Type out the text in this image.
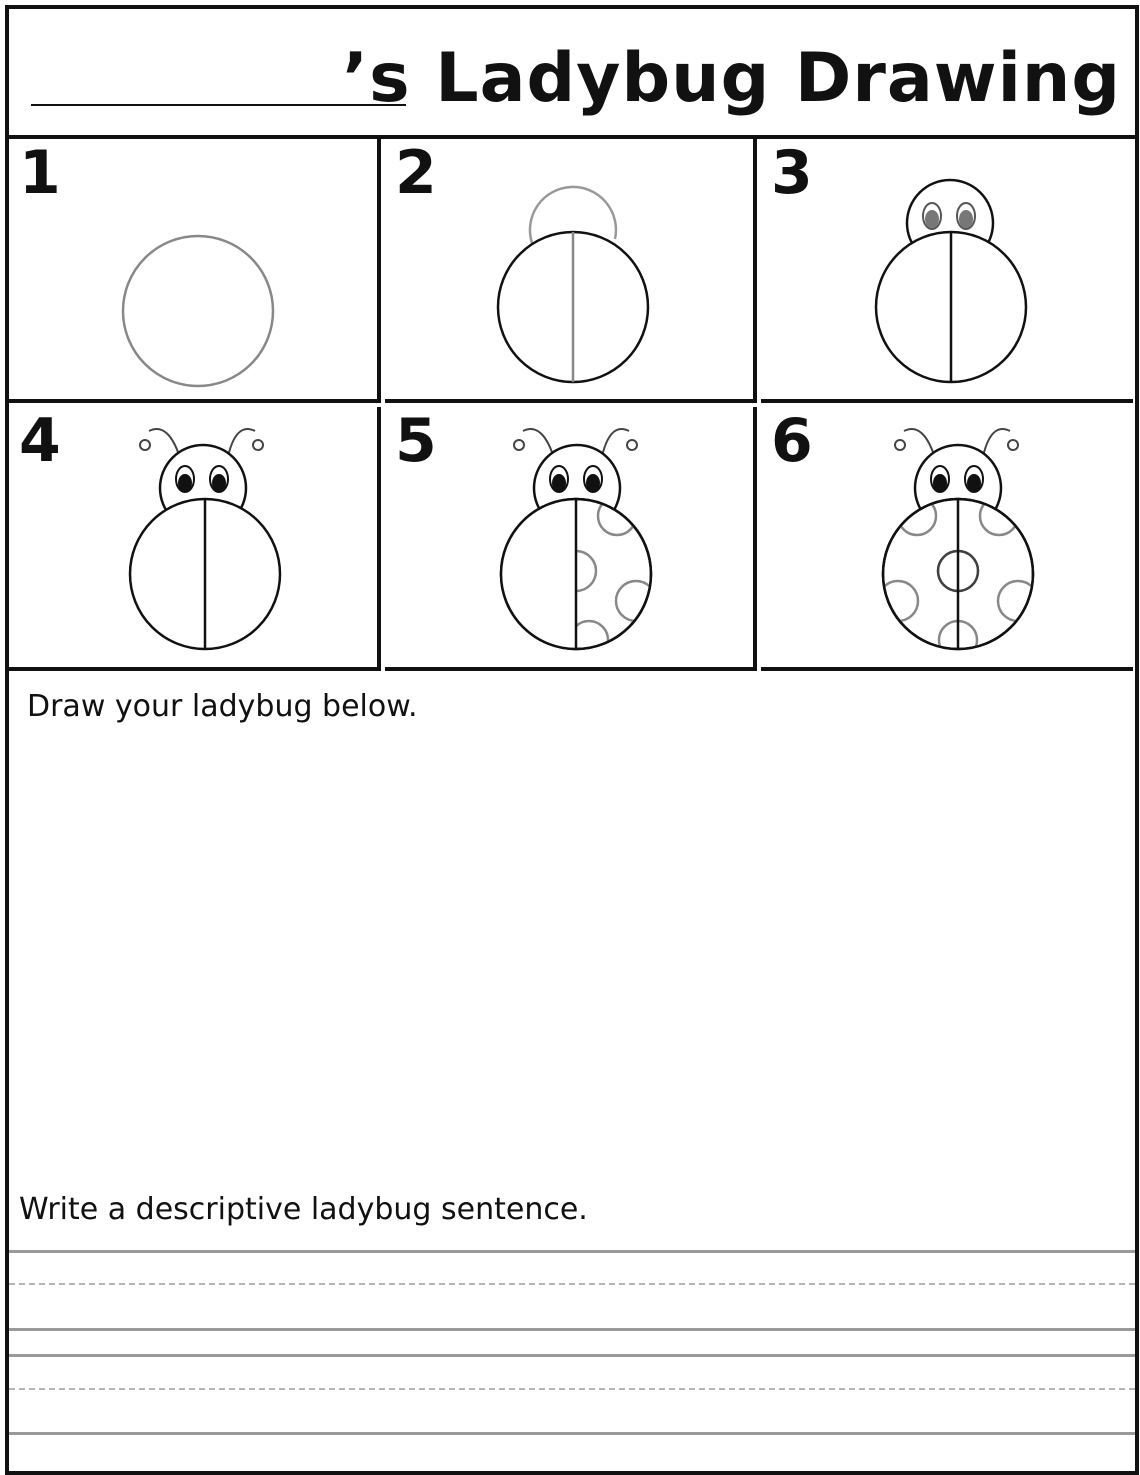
’s Ladybug Drawing
1	2	3
4	5	6
Draw your ladybug below.
Write a descriptive ladybug sentence.
